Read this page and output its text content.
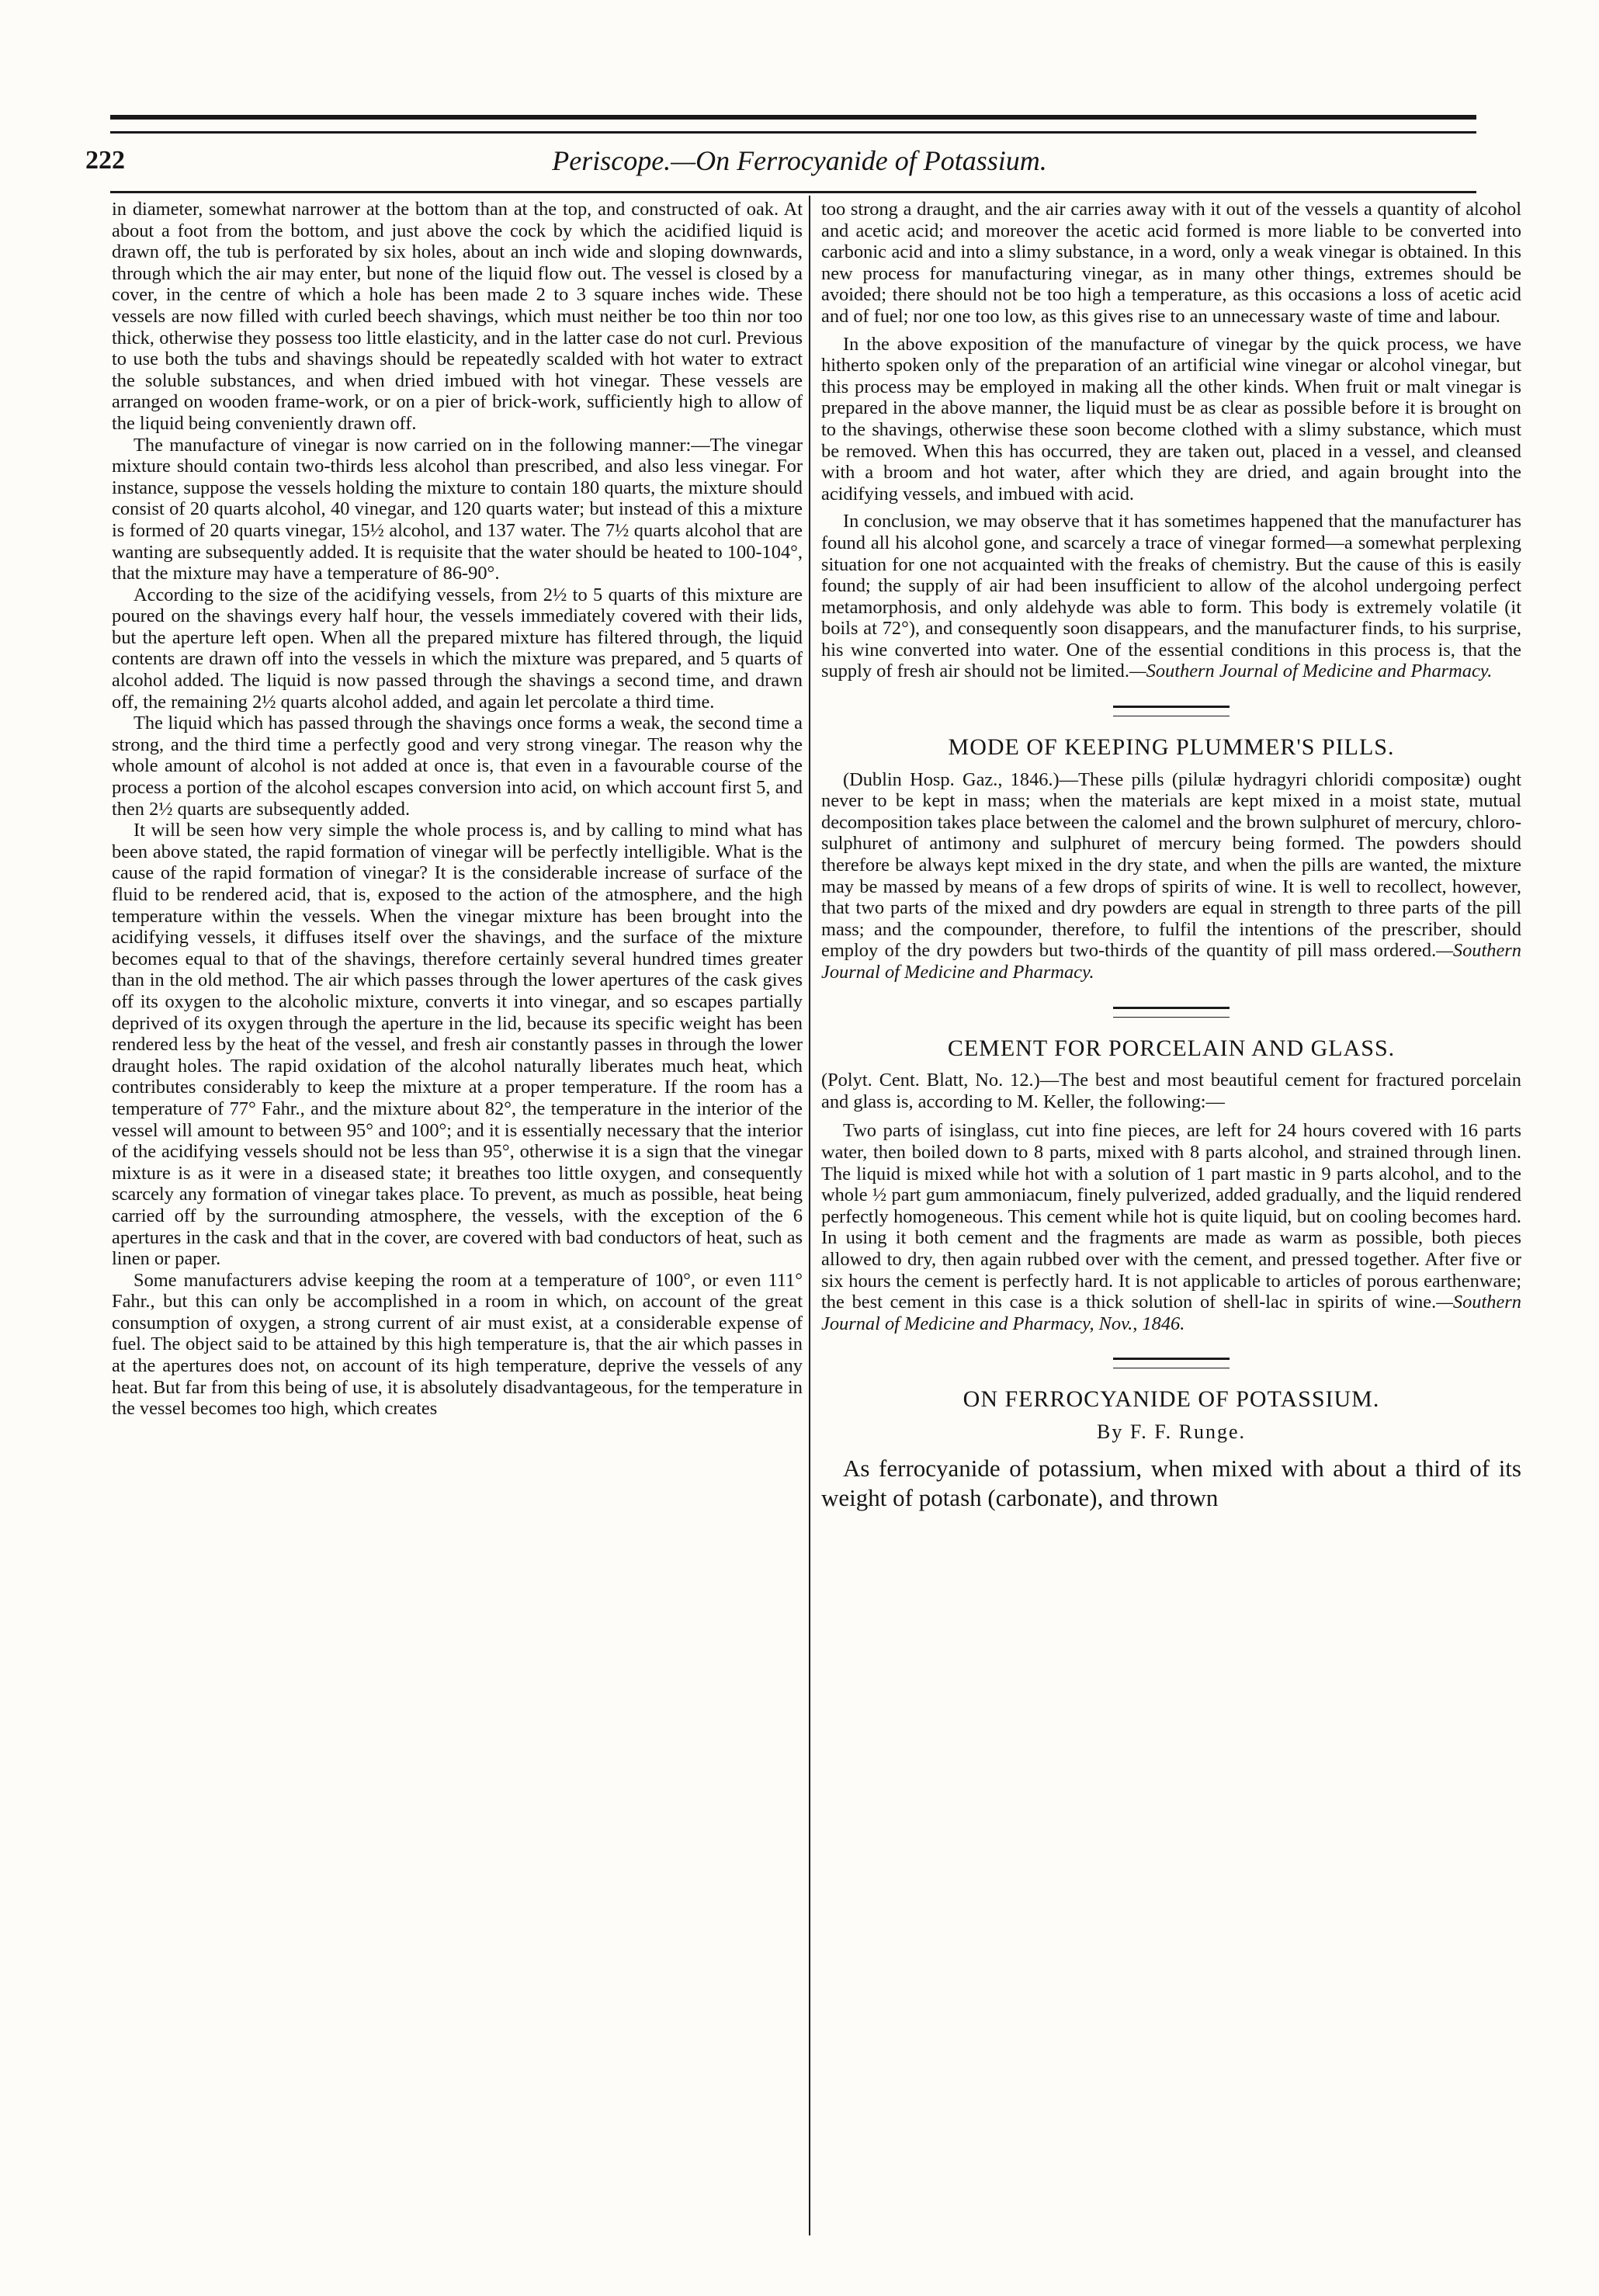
222	Periscope.—On Ferrocyanide of Potassium.

in diameter, somewhat narrower at the bottom than at the top, and constructed of oak. At about a foot from the bottom, and just above the cock by which the acidified liquid is drawn off, the tub is perforated by six holes, about an inch wide and sloping downwards, through which the air may enter, but none of the liquid flow out. The vessel is closed by a cover, in the centre of which a hole has been made 2 to 3 square inches wide. These vessels are now filled with curled beech shavings, which must neither be too thin nor too thick, otherwise they possess too little elasticity, and in the latter case do not curl. Previous to use both the tubs and shavings should be repeatedly scalded with hot water to extract the soluble substances, and when dried imbued with hot vinegar. These vessels are arranged on wooden frame-work, or on a pier of brick-work, sufficiently high to allow of the liquid being conveniently drawn off.

The manufacture of vinegar is now carried on in the following manner:—The vinegar mixture should contain two-thirds less alcohol than prescribed, and also less vinegar. For instance, suppose the vessels holding the mixture to contain 180 quarts, the mixture should consist of 20 quarts alcohol, 40 vinegar, and 120 quarts water; but instead of this a mixture is formed of 20 quarts vinegar, 15½ alcohol, and 137 water. The 7½ quarts alcohol that are wanting are subsequently added. It is requisite that the water should be heated to 100-104°, that the mixture may have a temperature of 86-90°.

According to the size of the acidifying vessels, from 2½ to 5 quarts of this mixture are poured on the shavings every half hour, the vessels immediately covered with their lids, but the aperture left open. When all the prepared mixture has filtered through, the liquid contents are drawn off into the vessels in which the mixture was prepared, and 5 quarts of alcohol added. The liquid is now passed through the shavings a second time, and drawn off, the remaining 2½ quarts alcohol added, and again let percolate a third time.

The liquid which has passed through the shavings once forms a weak, the second time a strong, and the third time a perfectly good and very strong vinegar. The reason why the whole amount of alcohol is not added at once is, that even in a favourable course of the process a portion of the alcohol escapes conversion into acid, on which account first 5, and then 2½ quarts are subsequently added.

It will be seen how very simple the whole process is, and by calling to mind what has been above stated, the rapid formation of vinegar will be perfectly intelligible. What is the cause of the rapid formation of vinegar? It is the considerable increase of surface of the fluid to be rendered acid, that is, exposed to the action of the atmosphere, and the high temperature within the vessels. When the vinegar mixture has been brought into the acidifying vessels, it diffuses itself over the shavings, and the surface of the mixture becomes equal to that of the shavings, therefore certainly several hundred times greater than in the old method. The air which passes through the lower apertures of the cask gives off its oxygen to the alcoholic mixture, converts it into vinegar, and so escapes partially deprived of its oxygen through the aperture in the lid, because its specific weight has been rendered less by the heat of the vessel, and fresh air constantly passes in through the lower draught holes. The rapid oxidation of the alcohol naturally liberates much heat, which contributes considerably to keep the mixture at a proper temperature. If the room has a temperature of 77° Fahr., and the mixture about 82°, the temperature in the interior of the vessel will amount to between 95° and 100°; and it is essentially necessary that the interior of the acidifying vessels should not be less than 95°, otherwise it is a sign that the vinegar mixture is as it were in a diseased state; it breathes too little oxygen, and consequently scarcely any formation of vinegar takes place. To prevent, as much as possible, heat being carried off by the surrounding atmosphere, the vessels, with the exception of the 6 apertures in the cask and that in the cover, are covered with bad conductors of heat, such as linen or paper.

Some manufacturers advise keeping the room at a temperature of 100°, or even 111° Fahr., but this can only be accomplished in a room in which, on account of the great consumption of oxygen, a strong current of air must exist, at a considerable expense of fuel. The object said to be attained by this high temperature is, that the air which passes in at the apertures does not, on account of its high temperature, deprive the vessels of any heat. But far from this being of use, it is absolutely disadvantageous, for the temperature in the vessel becomes too high, which creates

too strong a draught, and the air carries away with it out of the vessels a quantity of alcohol and acetic acid; and moreover the acetic acid formed is more liable to be converted into carbonic acid and into a slimy substance, in a word, only a weak vinegar is obtained. In this new process for manufacturing vinegar, as in many other things, extremes should be avoided; there should not be too high a temperature, as this occasions a loss of acetic acid and of fuel; nor one too low, as this gives rise to an unnecessary waste of time and labour.

In the above exposition of the manufacture of vinegar by the quick process, we have hitherto spoken only of the preparation of an artificial wine vinegar or alcohol vinegar, but this process may be employed in making all the other kinds. When fruit or malt vinegar is prepared in the above manner, the liquid must be as clear as possible before it is brought on to the shavings, otherwise these soon become clothed with a slimy substance, which must be removed. When this has occurred, they are taken out, placed in a vessel, and cleansed with a broom and hot water, after which they are dried, and again brought into the acidifying vessels, and imbued with acid.

In conclusion, we may observe that it has sometimes happened that the manufacturer has found all his alcohol gone, and scarcely a trace of vinegar formed—a somewhat perplexing situation for one not acquainted with the freaks of chemistry. But the cause of this is easily found; the supply of air had been insufficient to allow of the alcohol undergoing perfect metamorphosis, and only aldehyde was able to form. This body is extremely volatile (it boils at 72°), and consequently soon disappears, and the manufacturer finds, to his surprise, his wine converted into water. One of the essential conditions in this process is, that the supply of fresh air should not be limited.—Southern Journal of Medicine and Pharmacy.

MODE OF KEEPING PLUMMER'S PILLS.

(Dublin Hosp. Gaz., 1846.)—These pills (pilulæ hydragyri chloridi compositæ) ought never to be kept in mass; when the materials are kept mixed in a moist state, mutual decomposition takes place between the calomel and the brown sulphuret of mercury, chloro-sulphuret of antimony and sulphuret of mercury being formed. The powders should therefore be always kept mixed in the dry state, and when the pills are wanted, the mixture may be massed by means of a few drops of spirits of wine. It is well to recollect, however, that two parts of the mixed and dry powders are equal in strength to three parts of the pill mass; and the compounder, therefore, to fulfil the intentions of the prescriber, should employ of the dry powders but two-thirds of the quantity of pill mass ordered.—Southern Journal of Medicine and Pharmacy.

CEMENT FOR PORCELAIN AND GLASS.

(Polyt. Cent. Blatt, No. 12.)—The best and most beautiful cement for fractured porcelain and glass is, according to M. Keller, the following:—

Two parts of isinglass, cut into fine pieces, are left for 24 hours covered with 16 parts water, then boiled down to 8 parts, mixed with 8 parts alcohol, and strained through linen. The liquid is mixed while hot with a solution of 1 part mastic in 9 parts alcohol, and to the whole ½ part gum ammoniacum, finely pulverized, added gradually, and the liquid rendered perfectly homogeneous. This cement while hot is quite liquid, but on cooling becomes hard. In using it both cement and the fragments are made as warm as possible, both pieces allowed to dry, then again rubbed over with the cement, and pressed together. After five or six hours the cement is perfectly hard. It is not applicable to articles of porous earthenware; the best cement in this case is a thick solution of shell-lac in spirits of wine.—Southern Journal of Medicine and Pharmacy, Nov., 1846.

ON FERROCYANIDE OF POTASSIUM.
By F. F. Runge.

As ferrocyanide of potassium, when mixed with about a third of its weight of potash (carbonate), and thrown
